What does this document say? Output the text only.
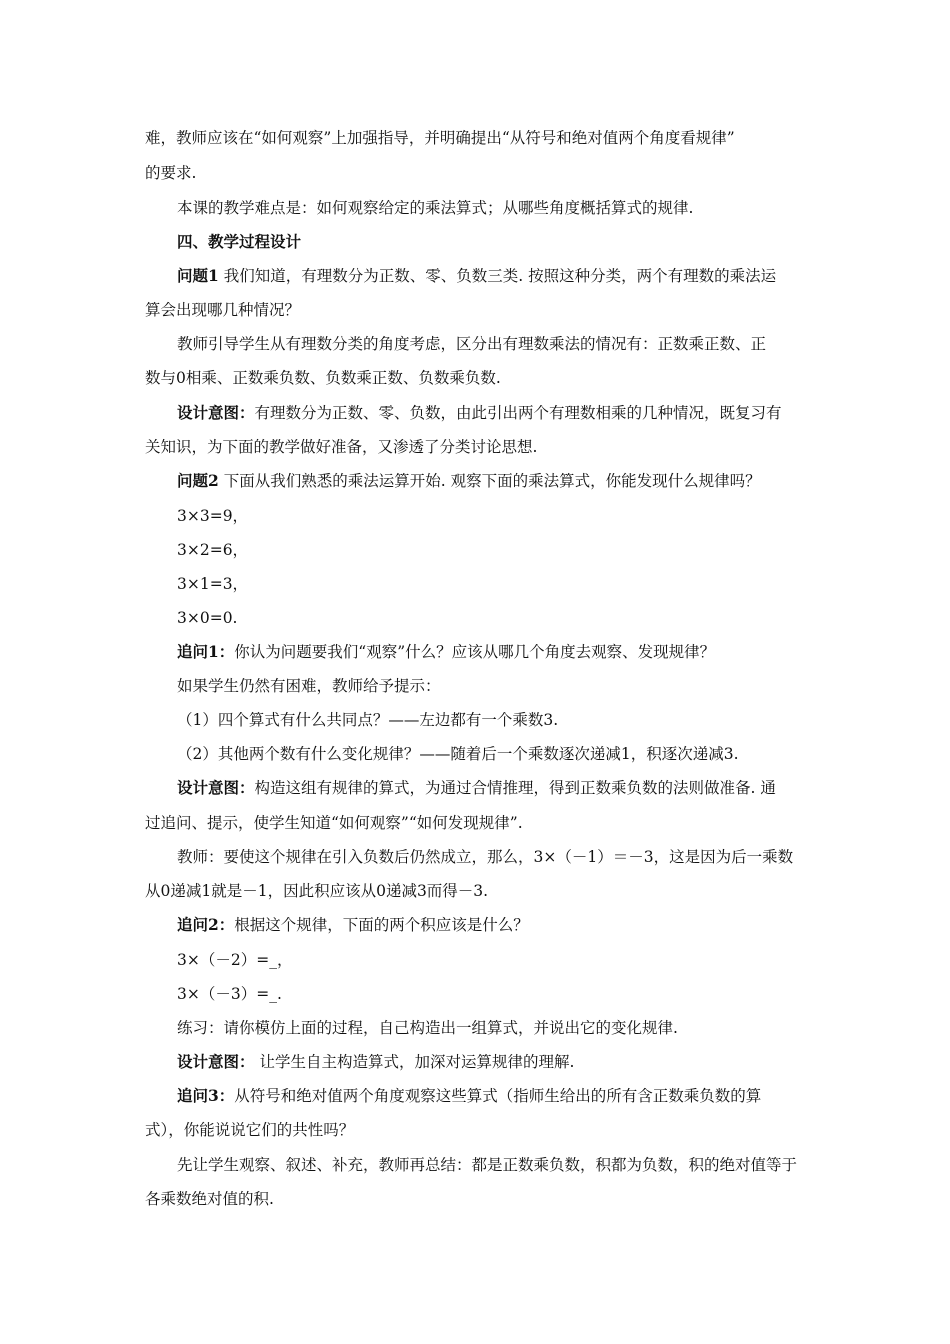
难，教师应该在“如何观察”上加强指导，并明确提出“从符号和绝对值两个角度看规律”
的要求.
本课的教学难点是：如何观察给定的乘法算式；从哪些角度概括算式的规律.
四、教学过程设计
问题1 我们知道，有理数分为正数、零、负数三类. 按照这种分类，两个有理数的乘法运
算会出现哪几种情况？
教师引导学生从有理数分类的角度考虑，区分出有理数乘法的情况有：正数乘正数、正
数与0相乘、正数乘负数、负数乘正数、负数乘负数.
设计意图：有理数分为正数、零、负数，由此引出两个有理数相乘的几种情况，既复习有
关知识，为下面的教学做好准备，又渗透了分类讨论思想.
问题2 下面从我们熟悉的乘法运算开始. 观察下面的乘法算式，你能发现什么规律吗？
3×3=9，
3×2=6，
3×1=3，
3×0=0.
追问1：你认为问题要我们“观察”什么？应该从哪几个角度去观察、发现规律？
如果学生仍然有困难，教师给予提示：
（1）四个算式有什么共同点？——左边都有一个乘数3.
（2）其他两个数有什么变化规律？——随着后一个乘数逐次递减1，积逐次递减3.
设计意图：构造这组有规律的算式，为通过合情推理，得到正数乘负数的法则做准备. 通
过追问、提示，使学生知道“如何观察”“如何发现规律”.
教师：要使这个规律在引入负数后仍然成立，那么，3×（－1）＝－3，这是因为后一乘数
从0递减1就是－1，因此积应该从0递减3而得－3.
追问2：根据这个规律，下面的两个积应该是什么？
3×（－2）=_，
3×（－3）=_.
练习：请你模仿上面的过程，自己构造出一组算式，并说出它的变化规律.
设计意图： 让学生自主构造算式，加深对运算规律的理解.
追问3：从符号和绝对值两个角度观察这些算式（指师生给出的所有含正数乘负数的算
式），你能说说它们的共性吗？
先让学生观察、叙述、补充，教师再总结：都是正数乘负数，积都为负数，积的绝对值等于
各乘数绝对值的积.
